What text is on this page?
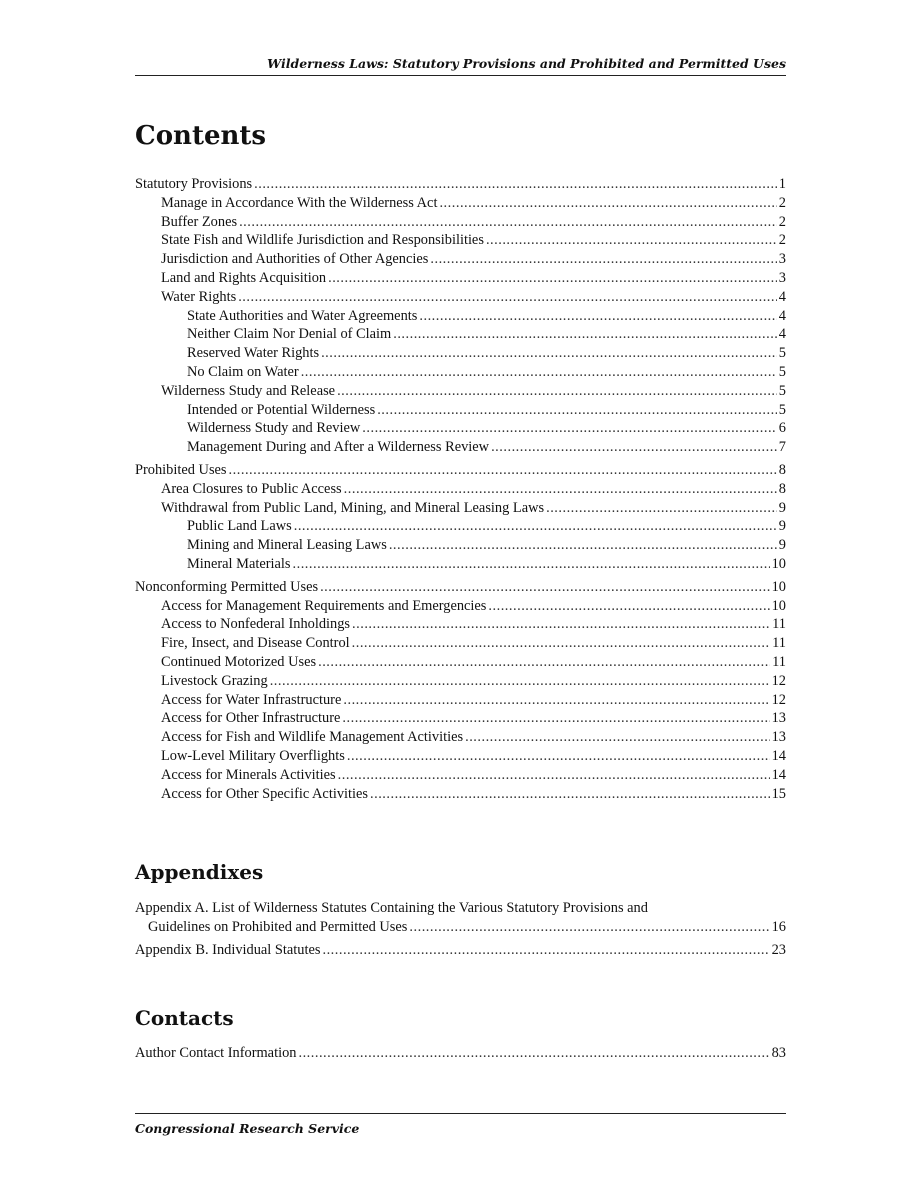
Wilderness Laws: Statutory Provisions and Prohibited and Permitted Uses
Contents
Statutory Provisions .....	1
Manage in Accordance With the Wilderness Act .....	2
Buffer Zones .....	2
State Fish and Wildlife Jurisdiction and Responsibilities .....	2
Jurisdiction and Authorities of Other Agencies .....	3
Land and Rights Acquisition .....	3
Water Rights .....	4
State Authorities and Water Agreements .....	4
Neither Claim Nor Denial of Claim .....	4
Reserved Water Rights .....	5
No Claim on Water .....	5
Wilderness Study and Release .....	5
Intended or Potential Wilderness .....	5
Wilderness Study and Review .....	6
Management During and After a Wilderness Review .....	7
Prohibited Uses .....	8
Area Closures to Public Access .....	8
Withdrawal from Public Land, Mining, and Mineral Leasing Laws .....	9
Public Land Laws .....	9
Mining and Mineral Leasing Laws .....	9
Mineral Materials .....	10
Nonconforming Permitted Uses .....	10
Access for Management Requirements and Emergencies .....	10
Access to Nonfederal Inholdings .....	11
Fire, Insect, and Disease Control .....	11
Continued Motorized Uses .....	11
Livestock Grazing .....	12
Access for Water Infrastructure .....	12
Access for Other Infrastructure .....	13
Access for Fish and Wildlife Management Activities .....	13
Low-Level Military Overflights .....	14
Access for Minerals Activities .....	14
Access for Other Specific Activities .....	15
Appendixes
Appendix A. List of Wilderness Statutes Containing the Various Statutory Provisions and
Guidelines on Prohibited and Permitted Uses .....	16
Appendix B. Individual Statutes .....	23
Contacts
Author Contact Information .....	83
Congressional Research Service
